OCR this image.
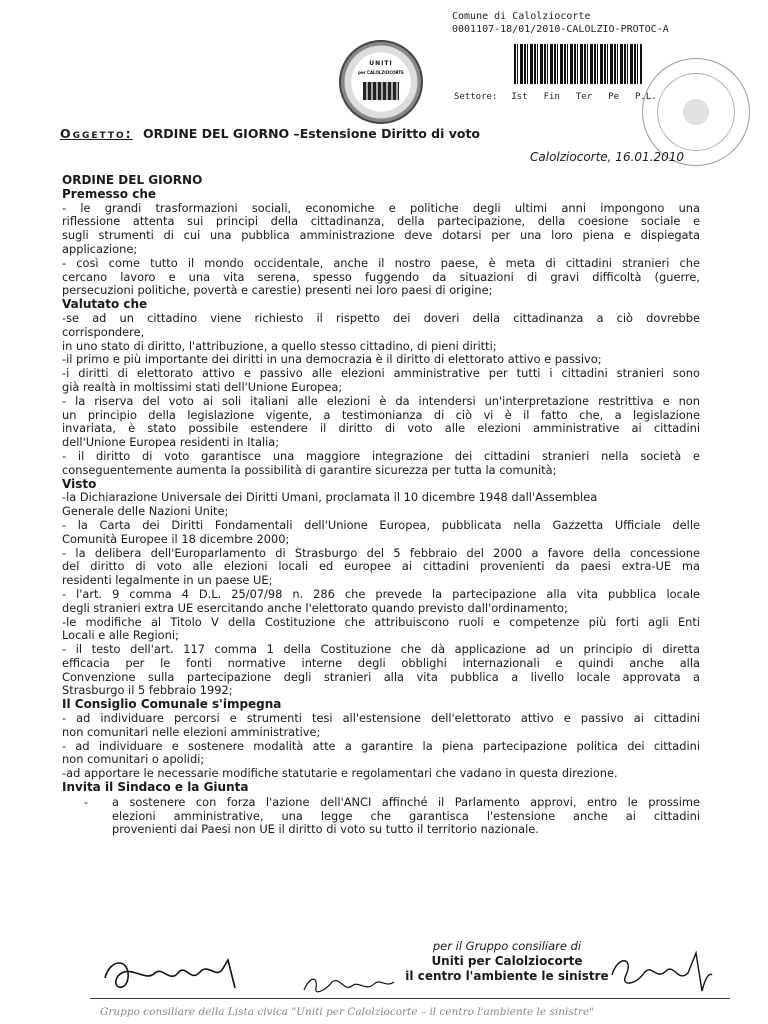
Comune di Calolziocorte
0001107-18/01/2010-CALOLZIO-PROTOC-A
Settore: Ist Fin Ter Pe P.L.
UNITI
per CALOLZIOCORTE
Oggetto: ORDINE DEL GIORNO –Estensione Diritto di voto
Calolziocorte, 16.01.2010
ORDINE DEL GIORNO
Premesso che
- le grandi trasformazioni sociali, economiche e politiche degli ultimi anni impongono una
riflessione attenta sui principi della cittadinanza, della partecipazione, della coesione sociale e
sugli strumenti di cui una pubblica amministrazione deve dotarsi per una loro piena e dispiegata
applicazione;
- così come tutto il mondo occidentale, anche il nostro paese, è meta di cittadini stranieri che
cercano lavoro e una vita serena, spesso fuggendo da situazioni di gravi difficoltà (guerre,
persecuzioni politiche, povertà e carestie) presenti nei loro paesi di origine;
Valutato che
-se ad un cittadino viene richiesto il rispetto dei doveri della cittadinanza a ciò dovrebbe
corrispondere,
in uno stato di diritto, l'attribuzione, a quello stesso cittadino, di pieni diritti;
-il primo e più importante dei diritti in una democrazia è il diritto di elettorato attivo e passivo;
-i diritti di elettorato attivo e passivo alle elezioni amministrative per tutti i cittadini stranieri sono
già realtà in moltissimi stati dell'Unione Europea;
- la riserva del voto ai soli italiani alle elezioni è da intendersi un'interpretazione restrittiva e non
un principio della legislazione vigente, a testimonianza di ciò vi è il fatto che, a legislazione
invariata, è stato possibile estendere il diritto di voto alle elezioni amministrative ai cittadini
dell'Unione Europea residenti in Italia;
- il diritto di voto garantisce una maggiore integrazione dei cittadini stranieri nella società e
conseguentemente aumenta la possibilità di garantire sicurezza per tutta la comunità;
Visto
-la Dichiarazione Universale dei Diritti Umani, proclamata il 10 dicembre 1948 dall'Assemblea
Generale delle Nazioni Unite;
- la Carta dei Diritti Fondamentali dell'Unione Europea, pubblicata nella Gazzetta Ufficiale delle
Comunità Europee il 18 dicembre 2000;
- la delibera dell'Europarlamento di Strasburgo del 5 febbraio del 2000 a favore della concessione
del diritto di voto alle elezioni locali ed europee ai cittadini provenienti da paesi extra-UE ma
residenti legalmente in un paese UE;
- l'art. 9 comma 4 D.L. 25/07/98 n. 286 che prevede la partecipazione alla vita pubblica locale
degli stranieri extra UE esercitando anche l'elettorato quando previsto dall'ordinamento;
-le modifiche al Titolo V della Costituzione che attribuiscono ruoli e competenze più forti agli Enti
Locali e alle Regioni;
- il testo dell'art. 117 comma 1 della Costituzione che dà applicazione ad un principio di diretta
efficacia per le fonti normative interne degli obblighi internazionali e quindi anche alla
Convenzione sulla partecipazione degli stranieri alla vita pubblica a livello locale approvata a
Strasburgo il 5 febbraio 1992;
Il Consiglio Comunale s'impegna
- ad individuare percorsi e strumenti tesi all'estensione dell'elettorato attivo e passivo ai cittadini
non comunitari nelle elezioni amministrative;
- ad individuare e sostenere modalità atte a garantire la piena partecipazione politica dei cittadini
non comunitari o apolidi;
-ad apportare le necessarie modifiche statutarie e regolamentari che vadano in questa direzione.
Invita il Sindaco e la Giunta
-	a sostenere con forza l'azione dell'ANCI affinché il Parlamento approvi, entro le prossime
elezioni amministrative, una legge che garantisca l'estensione anche ai cittadini
provenienti dai Paesi non UE il diritto di voto su tutto il territorio nazionale.
per il Gruppo consiliare di
Uniti per Calolziocorte
il centro l'ambiente le sinistre
Gruppo consiliare della Lista civica "Uniti per Calolziocorte – il centro l'ambiente le sinistre"
